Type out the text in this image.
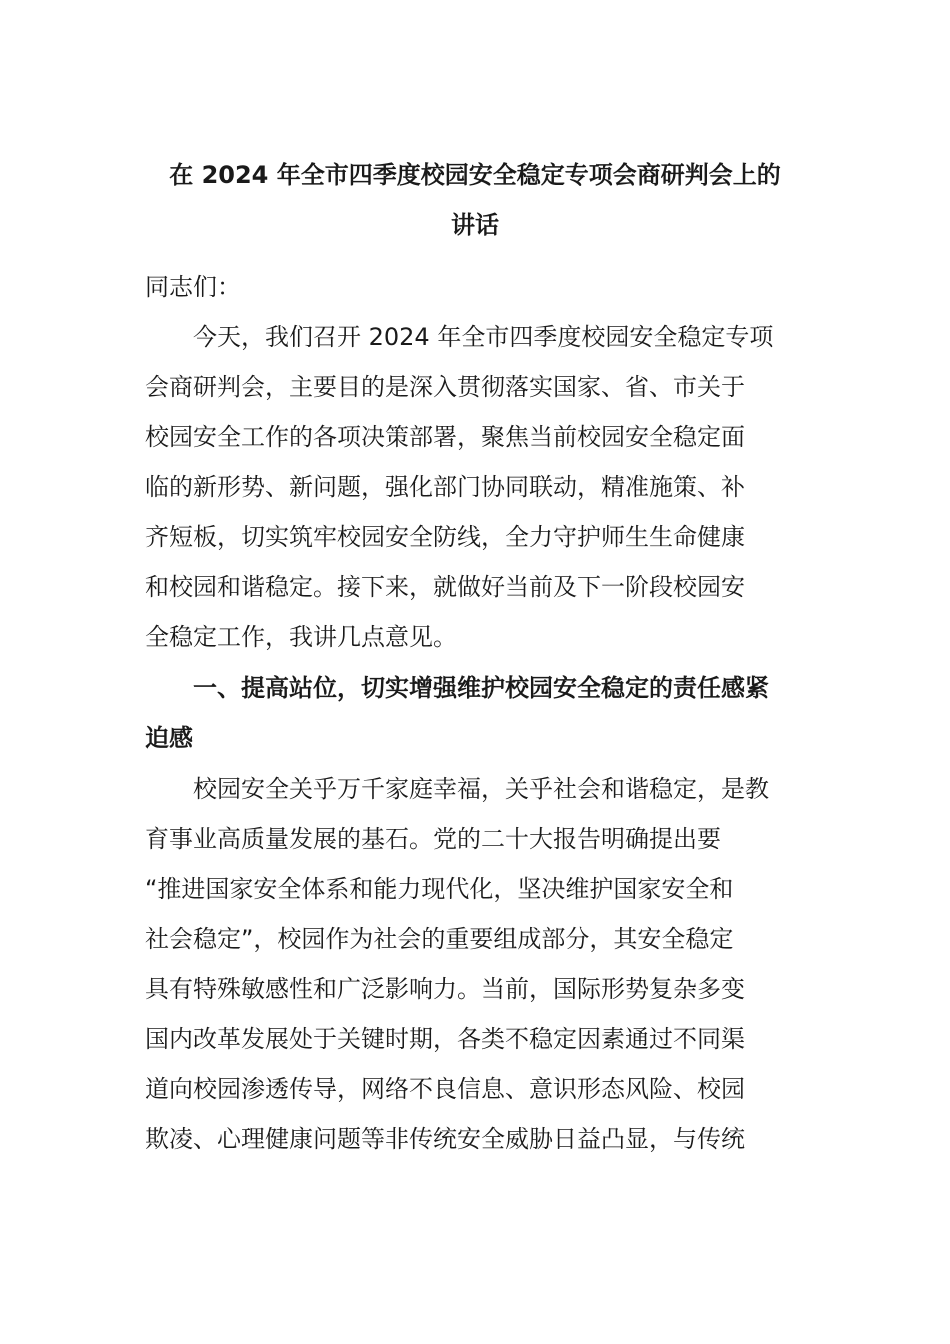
在 2024 年全市四季度校园安全稳定专项会商研判会上的
讲话

同志们：

　　今天，我们召开 2024 年全市四季度校园安全稳定专项

会商研判会，主要目的是深入贯彻落实国家、省、市关于

校园安全工作的各项决策部署，聚焦当前校园安全稳定面

临的新形势、新问题，强化部门协同联动，精准施策、补

齐短板，切实筑牢校园安全防线，全力守护师生生命健康

和校园和谐稳定。接下来，就做好当前及下一阶段校园安

全稳定工作，我讲几点意见。

　　一、提高站位，切实增强维护校园安全稳定的责任感紧

迫感

　　校园安全关乎万千家庭幸福，关乎社会和谐稳定，是教

育事业高质量发展的基石。党的二十大报告明确提出要

“推进国家安全体系和能力现代化，坚决维护国家安全和

社会稳定”，校园作为社会的重要组成部分，其安全稳定

具有特殊敏感性和广泛影响力。当前，国际形势复杂多变

国内改革发展处于关键时期，各类不稳定因素通过不同渠

道向校园渗透传导，网络不良信息、意识形态风险、校园

欺凌、心理健康问题等非传统安全威胁日益凸显，与传统
